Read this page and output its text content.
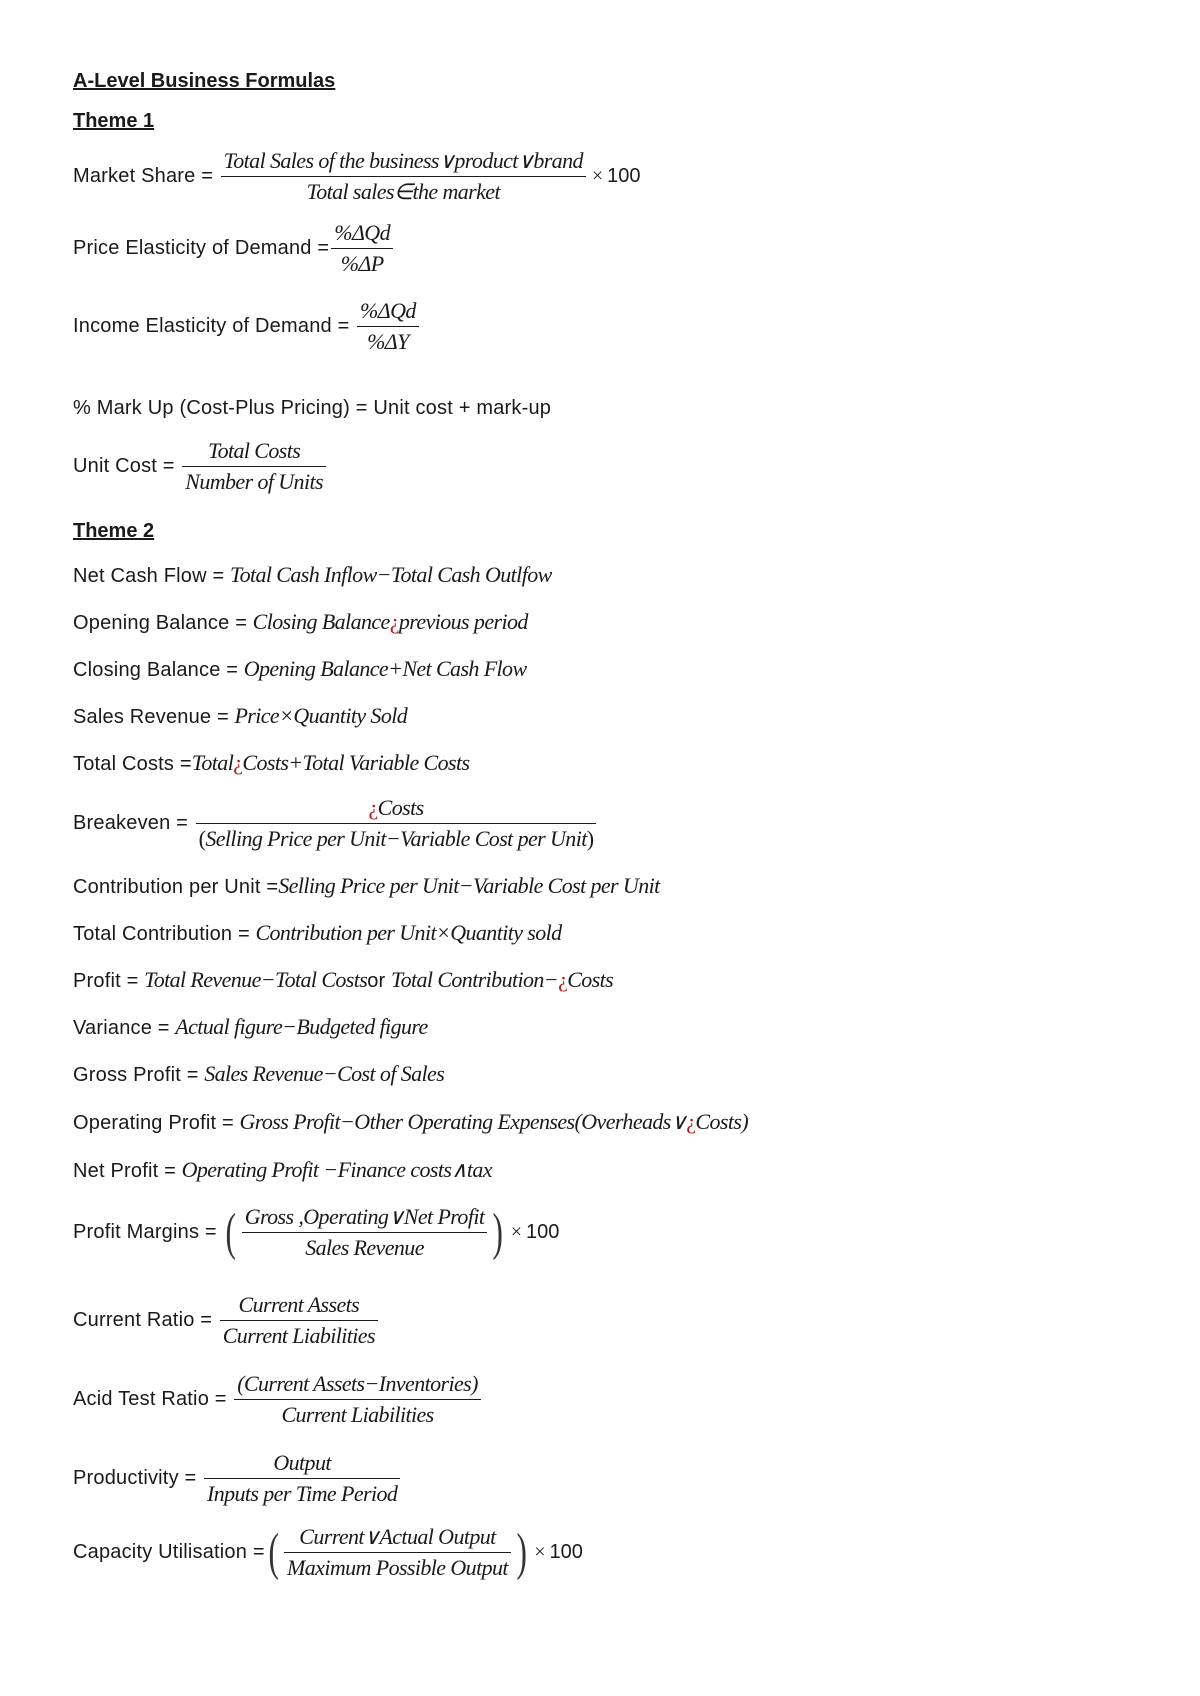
A-Level Business Formulas
Theme 1
Market Share = $\frac{\text{Total Sales of the business∨product∨brand}}{\text{Total sales∈the market}} \times 100$
Price Elasticity of Demand = $\frac{\text{\%ΔQd}}{\%\Delta P}$
Income Elasticity of Demand = $\frac{\text{\%ΔQd}}{\%\Delta Y}$
% Mark Up (Cost-Plus Pricing) = Unit cost + mark-up
Unit Cost = $\frac{\text{Total Costs}}{\text{Number of Units}}$
Theme 2
Net Cash Flow = Total Cash Inflow−Total Cash Outlfow
Opening Balance = Closing Balance¿previous period
Closing Balance = Opening Balance+Net Cash Flow
Sales Revenue = Price×Quantity Sold
Total Costs =Total¿Costs+Total Variable Costs
Breakeven = $\frac{\text{¿Costs}}{\text{(Selling Price per Unit−Variable Cost per Unit)}}$
Contribution per Unit =Selling Price per Unit−Variable Cost per Unit
Total Contribution = Contribution per Unit×Quantity sold
Profit = Total Revenue−Total Costsor Total Contribution−¿Costs
Variance = Actual figure−Budgeted figure
Gross Profit = Sales Revenue−Cost of Sales
Operating Profit = Gross Profit−Other Operating Expenses(Overheads∨¿Costs)
Net Profit = Operating Profit −Finance costs∧tax
Profit Margins = ( $\frac{\text{Gross ,Operating∨Net Profit}}{\text{Sales Revenue}}$ ) × 100
Current Ratio = $\frac{\text{Current Assets}}{\text{Current Liabilities}}$
Acid Test Ratio = $\frac{\text{(Current Assets−Inventories)}}{\text{Current Liabilities}}$
Productivity = $\frac{\text{Output}}{\text{Inputs per Time Period}}$
Capacity Utilisation =( $\frac{\text{Current∨Actual Output}}{\text{Maximum Possible Output}}$ ) × 100
